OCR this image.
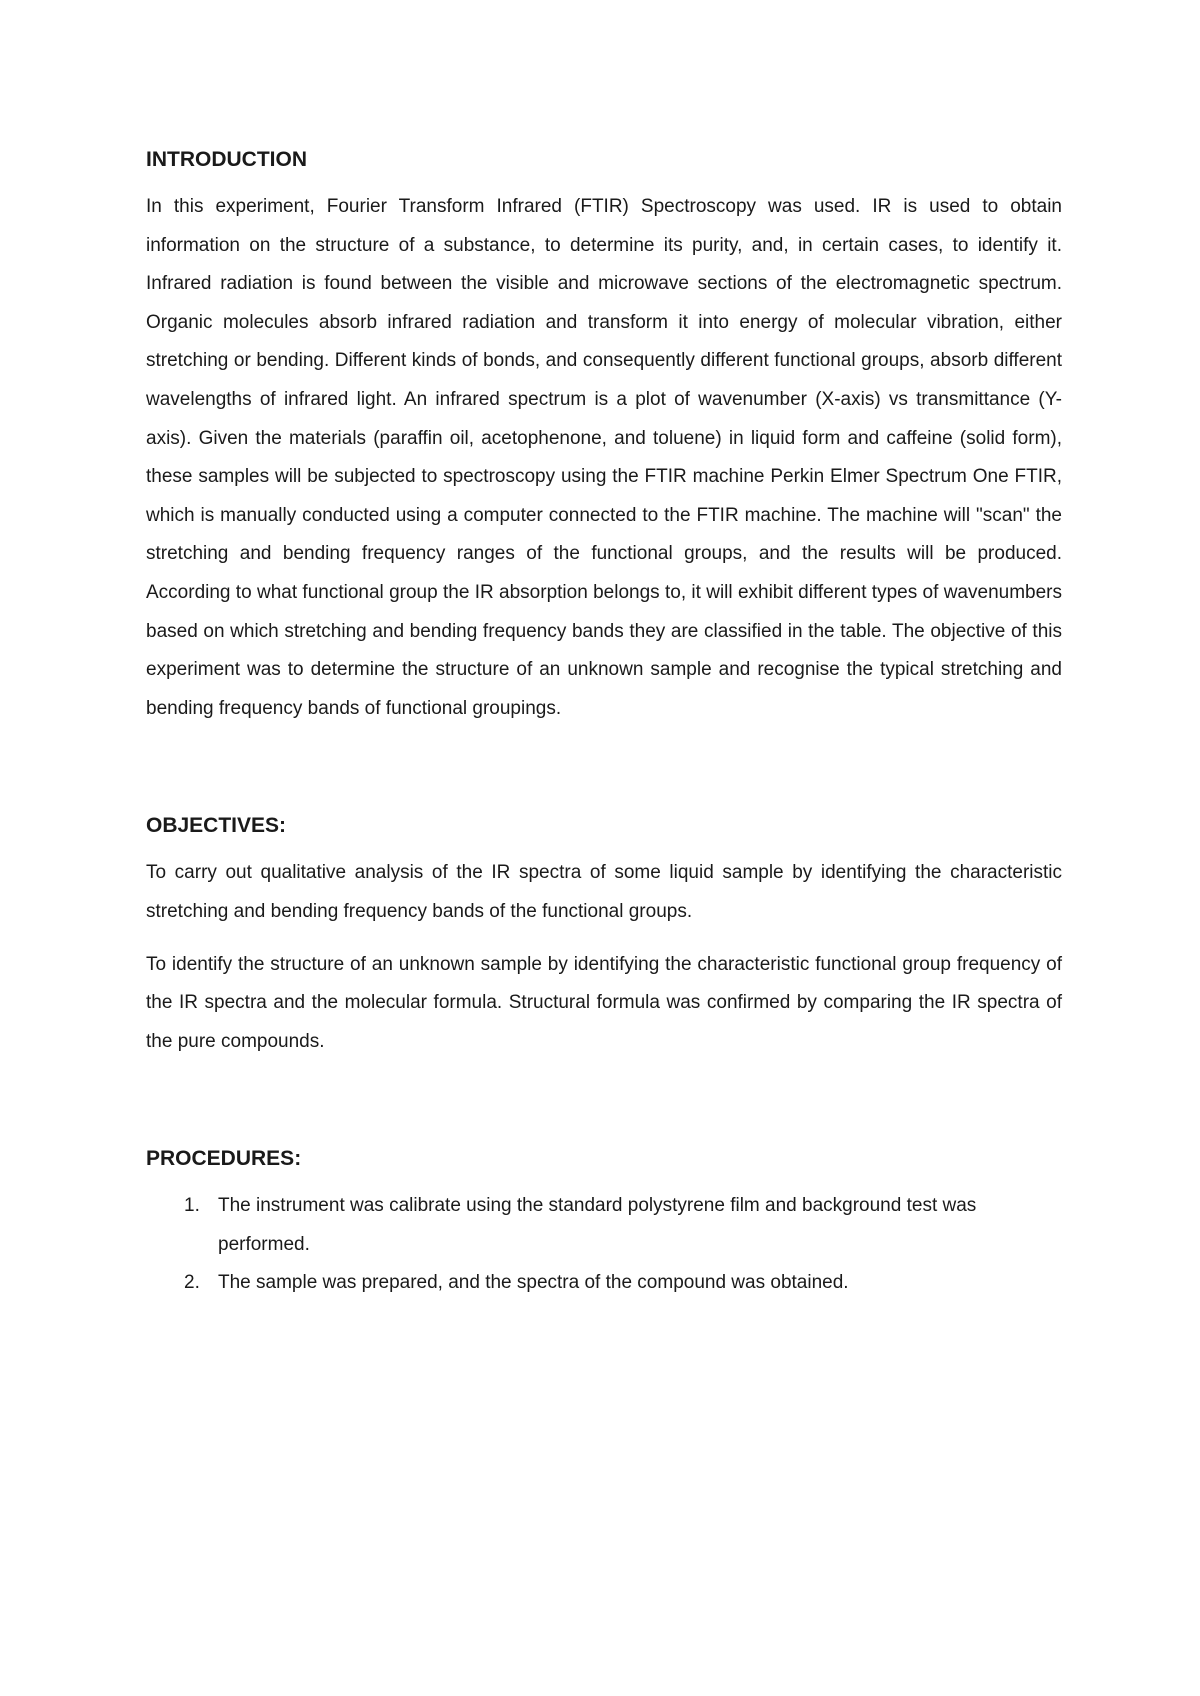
INTRODUCTION

In this experiment, Fourier Transform Infrared (FTIR) Spectroscopy was used. IR is used to obtain information on the structure of a substance, to determine its purity, and, in certain cases, to identify it. Infrared radiation is found between the visible and microwave sections of the electromagnetic spectrum. Organic molecules absorb infrared radiation and transform it into energy of molecular vibration, either stretching or bending. Different kinds of bonds, and consequently different functional groups, absorb different wavelengths of infrared light. An infrared spectrum is a plot of wavenumber (X-axis) vs transmittance (Y-axis). Given the materials (paraffin oil, acetophenone, and toluene) in liquid form and caffeine (solid form), these samples will be subjected to spectroscopy using the FTIR machine Perkin Elmer Spectrum One FTIR, which is manually conducted using a computer connected to the FTIR machine. The machine will "scan" the stretching and bending frequency ranges of the functional groups, and the results will be produced. According to what functional group the IR absorption belongs to, it will exhibit different types of wavenumbers based on which stretching and bending frequency bands they are classified in the table. The objective of this experiment was to determine the structure of an unknown sample and recognise the typical stretching and bending frequency bands of functional groupings.

OBJECTIVES:

To carry out qualitative analysis of the IR spectra of some liquid sample by identifying the characteristic stretching and bending frequency bands of the functional groups.

To identify the structure of an unknown sample by identifying the characteristic functional group frequency of the IR spectra and the molecular formula. Structural formula was confirmed by comparing the IR spectra of the pure compounds.

PROCEDURES:
1. The instrument was calibrate using the standard polystyrene film and background test was performed.
2. The sample was prepared, and the spectra of the compound was obtained.
